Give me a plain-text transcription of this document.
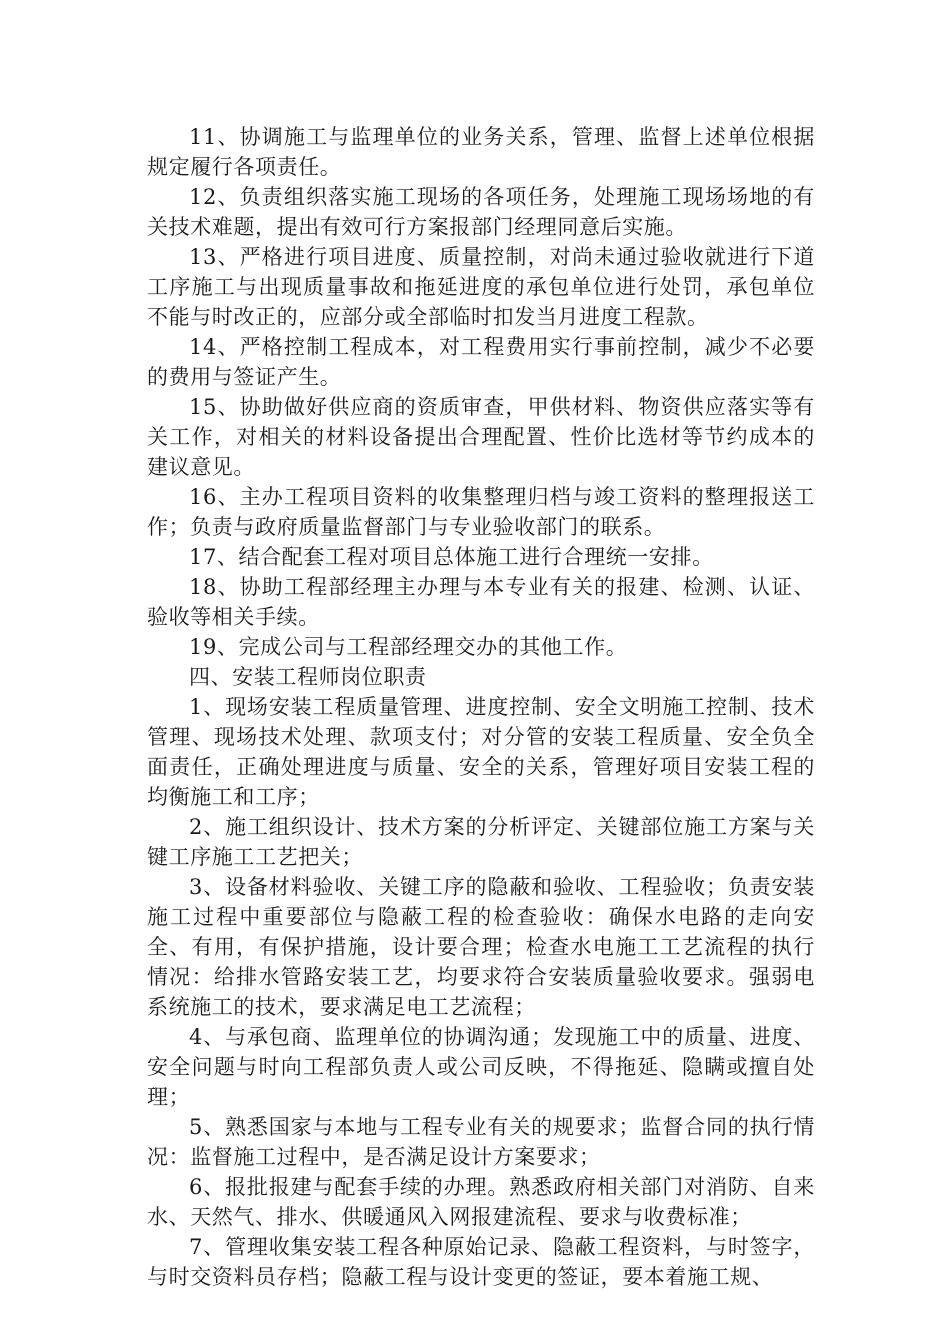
11、协调施工与监理单位的业务关系，管理、监督上述单位根据规定履行各项责任。

12、负责组织落实施工现场的各项任务，处理施工现场场地的有关技术难题，提出有效可行方案报部门经理同意后实施。

13、严格进行项目进度、质量控制，对尚未通过验收就进行下道工序施工与出现质量事故和拖延进度的承包单位进行处罚，承包单位不能与时改正的，应部分或全部临时扣发当月进度工程款。

14、严格控制工程成本，对工程费用实行事前控制，减少不必要的费用与签证产生。

15、协助做好供应商的资质审查，甲供材料、物资供应落实等有关工作，对相关的材料设备提出合理配置、性价比选材等节约成本的建议意见。

16、主办工程项目资料的收集整理归档与竣工资料的整理报送工作；负责与政府质量监督部门与专业验收部门的联系。

17、结合配套工程对项目总体施工进行合理统一安排。

18、协助工程部经理主办理与本专业有关的报建、检测、认证、验收等相关手续。

19、完成公司与工程部经理交办的其他工作。

四、安装工程师岗位职责

1、现场安装工程质量管理、进度控制、安全文明施工控制、技术管理、现场技术处理、款项支付；对分管的安装工程质量、安全负全面责任，正确处理进度与质量、安全的关系，管理好项目安装工程的均衡施工和工序；

2、施工组织设计、技术方案的分析评定、关键部位施工方案与关键工序施工工艺把关；

3、设备材料验收、关键工序的隐蔽和验收、工程验收；负责安装施工过程中重要部位与隐蔽工程的检查验收：确保水电路的走向安全、有用，有保护措施，设计要合理；检查水电施工工艺流程的执行情况：给排水管路安装工艺，均要求符合安装质量验收要求。强弱电系统施工的技术，要求满足电工艺流程；

4、与承包商、监理单位的协调沟通；发现施工中的质量、进度、安全问题与时向工程部负责人或公司反映，不得拖延、隐瞒或擅自处理；

5、熟悉国家与本地与工程专业有关的规要求；监督合同的执行情况：监督施工过程中，是否满足设计方案要求；

6、报批报建与配套手续的办理。熟悉政府相关部门对消防、自来水、天然气、排水、供暖通风入网报建流程、要求与收费标准；

7、管理收集安装工程各种原始记录、隐蔽工程资料，与时签字，与时交资料员存档；隐蔽工程与设计变更的签证，要本着施工规、
